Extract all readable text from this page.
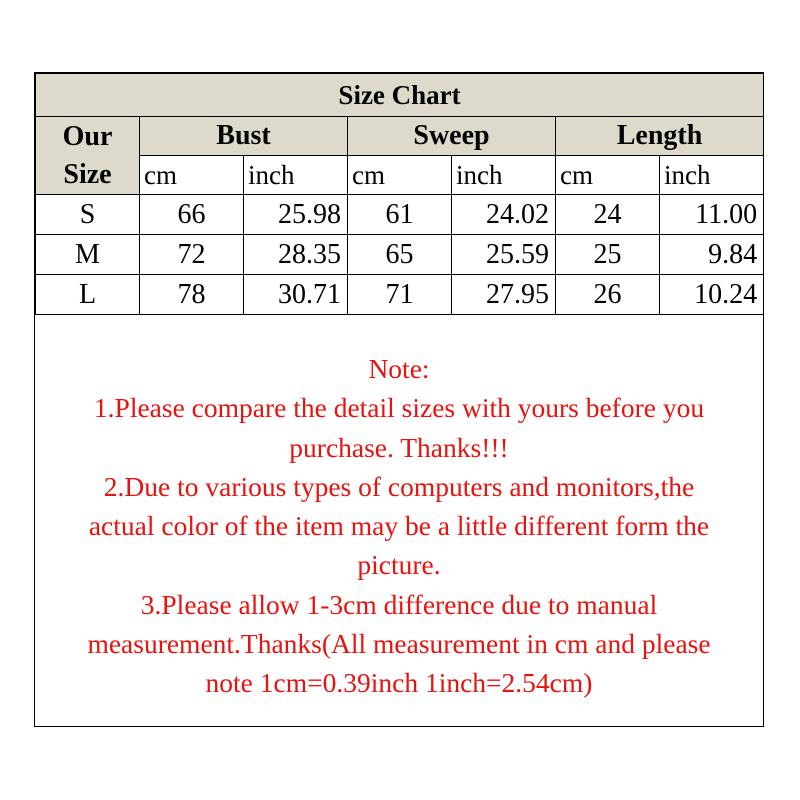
Size Chart						

Our
Size	Bust		Sweep		Length	
	cm	inch	cm	inch	cm	inch
S	66	25.98	61	24.02	24	11.00
M	72	28.35	65	25.59	25	9.84
L	78	30.71	71	27.95	26	10.24
Note:
1.Please compare the detail sizes with yours before you
purchase. Thanks!!!
2.Due to various types of computers and monitors,the
actual color of the item may be a little different form the
picture.
3.Please allow 1-3cm difference due to manual
measurement.Thanks(All measurement in cm and please
note 1cm=0.39inch 1inch=2.54cm)
